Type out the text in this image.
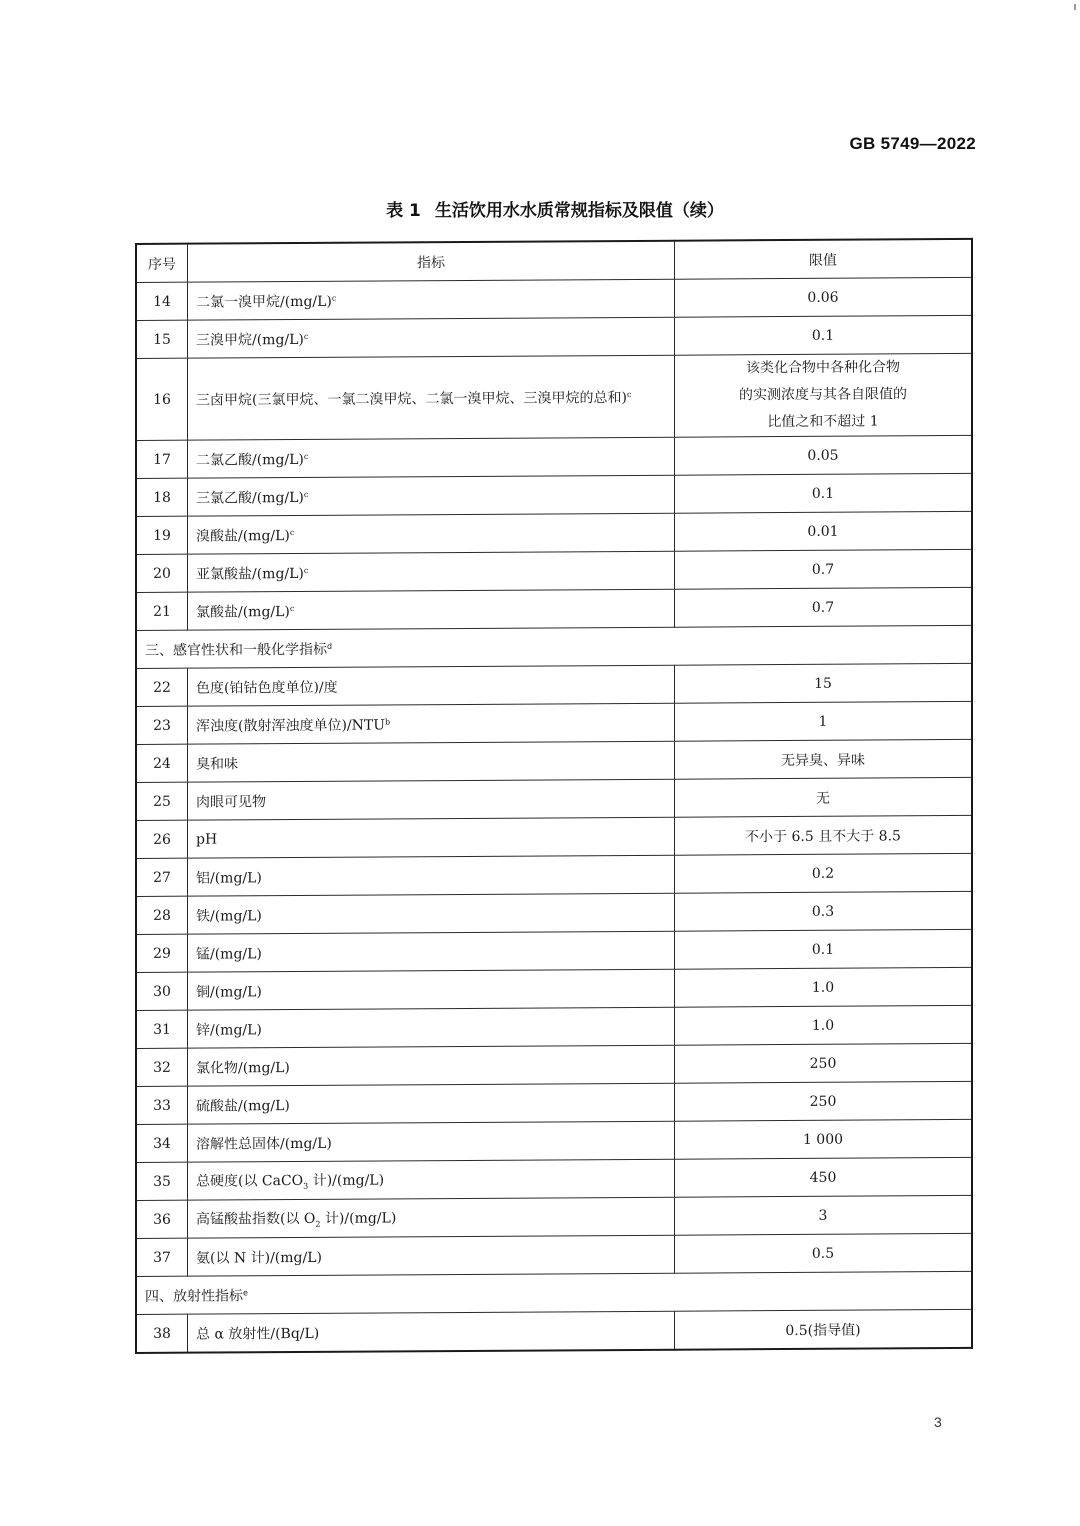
GB 5749—2022
表 1 生活饮用水水质常规指标及限值（续）
序号	指标	限值
14	二氯一溴甲烷$/(mg/L)^c$	0.06
15	三溴甲烷$/(mg/L)^c$	0.1
16	三卤甲烷(三氯甲烷、一氯二溴甲烷、二氯一溴甲烷、三溴甲烷的总和)$^c$	该类化合物中各种化合物
的实测浓度与其各自限值的
比值之和不超过 1

17	二氯乙酸$/(mg/L)^c$	0.05
18	三氯乙酸$/(mg/L)^c$	0.1
19	溴酸盐$/(mg/L)^c$	0.01
20	亚氯酸盐$/(mg/L)^c$	0.7
21	氯酸盐$/(mg/L)^c$	0.7
三、感官性状和一般化学指标$^d$
22	色度(铂钴色度单位)/度	15
23	浑浊度(散射浑浊度单位)/NTU$^b$	1
24	臭和味	无异臭、异味
25	肉眼可见物	无
26	pH	不小于 6.5 且不大于 8.5
27	铝/(mg/L)	0.2
28	铁/(mg/L)	0.3
29	锰/(mg/L)	0.1
30	铜/(mg/L)	1.0
31	锌/(mg/L)	1.0
32	氯化物/(mg/L)	250
33	硫酸盐/(mg/L)	250
34	溶解性总固体/(mg/L)	1 000
35	总硬度(以 CaCO$_3$ 计)/(mg/L)	450
36	高锰酸盐指数(以 $O_2$ 计)/(mg/L)	3
37	氨(以 N 计)/(mg/L)	0.5
四、放射性指标$^e$
38	总 α 放射性/(Bq/L)	0.5(指导值)
3
